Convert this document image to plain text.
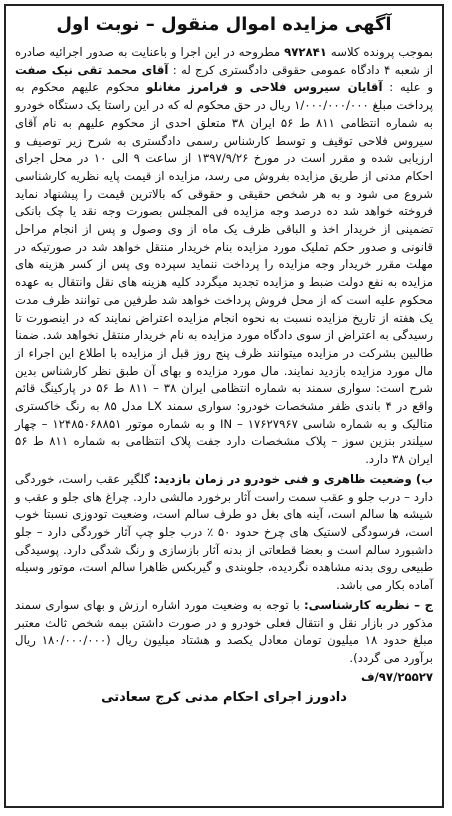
آگهی مزایده اموال منقول – نوبت اول

بموجب پرونده کلاسه ۹۷۲۸۴۱ مطروحه در این اجرا و باعنایت به صدور اجرائیه صادره از شعبه ۴ دادگاه عمومی حقوقی دادگستری کرج له : آقای محمد تقی نیک صفت و علیه : آقایان سیروس فلاحی و فرامرز مغانلو محکوم علیهم محکوم به پرداخت مبلغ ۱/۰۰۰/۰۰۰/۰۰۰ ریال در حق محکوم له که در این راستا یک دستگاه خودرو به شماره انتظامی ۸۱۱ ط ۵۶ ایران ۳۸ متعلق احدی از محکوم علیهم به نام آقای سیروس فلاحی توقیف و توسط کارشناس رسمی دادگستری به شرح زیر توصیف و ارزیابی شده و مقرر است در مورخ ۱۳۹۷/۹/۲۶ از ساعت ۹ الی ۱۰ در محل اجرای احکام مدنی از طریق مزایده بفروش می رسد، مزایده از قیمت پایه نظریه کارشناسی شروع می شود و به هر شخص حقیقی و حقوقی که بالاترین قیمت را پیشنهاد نماید فروخته خواهد شد ده درصد وجه مزایده فی المجلس بصورت وجه نقد یا چک بانکی تضمینی از خریدار اخذ و الباقی ظرف یک ماه از وی وصول و پس از انجام مراحل قانونی و صدور حکم تملیک مورد مزایده بنام خریدار منتقل خواهد شد در صورتیکه در مهلت مقرر خریدار وجه مزایده را پرداخت ننماید سپرده وی پس از کسر هزینه های مزایده به نفع دولت ضبط و مزایده تجدید میگردد کلیه هزینه های نقل وانتقال به عهده محکوم علیه است که از محل فروش پرداخت خواهد شد طرفین می توانند ظرف مدت یک هفته از تاریخ مزایده نسبت به نحوه انجام مزایده اعتراض نمایند که در اینصورت تا رسیدگی به اعتراض از سوی دادگاه مورد مزایده به نام خریدار منتقل نخواهد شد. ضمنا طالبین بشرکت در مزایده میتوانند ظرف پنج روز قبل از مزایده با اطلاع این اجراء از مال مورد مزایده بازدید نمایند. مال مورد مزایده و بهای آن طبق نظر کارشناس بدین شرح است: سواری سمند به شماره انتظامی ایران ۳۸ – ۸۱۱ ط ۵۶ در پارکینگ قائم واقع در ۴ باندی ظفر مشخصات خودرو: سواری سمند LX مدل ۸۵ به رنگ خاکستری متالیک و به شماره شاسی ۱۷۶۲۷۹۶۷ – IN و به شماره موتور ۱۲۴۸۵۰۶۸۸۵۱ – چهار سیلندر بنزین سوز – پلاک مشخصات دارد جفت پلاک انتظامی به شماره ۸۱۱ ط ۵۶ ایران ۳۸ دارد.

ب) وضعیت ظاهری و فنی خودرو در زمان بازدید: گلگیر عقب راست، خوردگی دارد – درب جلو و عقب سمت راست آثار برخورد مالشی دارد. چراغ های جلو و عقب و شیشه ها سالم است، آینه های بغل دو طرف سالم است، وضعیت تودوزی نسبتا خوب است، فرسودگی لاستیک های چرخ حدود ۵۰ ٪ درب جلو چپ آثار خوردگی دارد – جلو داشبورد سالم است و بعضا قطعاتی از بدنه آثار بازسازی و رنگ شدگی دارد. پوسیدگی طبیعی روی بدنه مشاهده نگردیده، جلوبندی و گیربکس ظاهرا سالم است، موتور وسیله آماده بکار می باشد.

ج – نظریه کارشناسی: با توجه به وضعیت مورد اشاره ارزش و بهای سواری سمند مذکور در بازار نقل و انتقال فعلی خودرو و در صورت داشتن بیمه شخص ثالث معتبر مبلغ حدود ۱۸ میلیون تومان معادل یکصد و هشتاد میلیون ریال (۱۸۰/۰۰۰/۰۰۰ ریال برآورد می گردد).

۹۷/۲۵۵۲۷/ف
دادورز اجرای احکام مدنی کرج سعادتی
